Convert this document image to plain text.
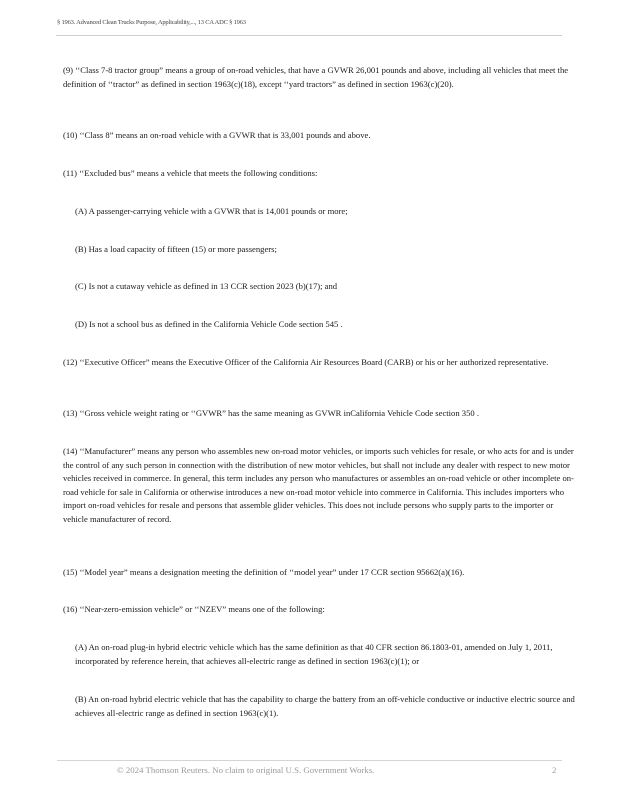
§ 1963. Advanced Clean Trucks Purpose, Applicability,..., 13 CA ADC § 1963

(9) ‘‘Class 7-8 tractor group” means a group of on-road vehicles, that have a GVWR 26,001 pounds and above, including all vehicles that meet the definition of ‘‘tractor” as defined in section 1963(c)(18), except ‘‘yard tractors” as defined in section 1963(c)(20).

(10) ‘‘Class 8” means an on-road vehicle with a GVWR that is 33,001 pounds and above.

(11) ‘‘Excluded bus” means a vehicle that meets the following conditions:

(A) A passenger-carrying vehicle with a GVWR that is 14,001 pounds or more;

(B) Has a load capacity of fifteen (15) or more passengers;

(C) Is not a cutaway vehicle as defined in 13 CCR section 2023 (b)(17); and

(D) Is not a school bus as defined in the California Vehicle Code section 545 .

(12) ‘‘Executive Officer” means the Executive Officer of the California Air Resources Board (CARB) or his or her authorized representative.

(13) ‘‘Gross vehicle weight rating or ‘‘GVWR” has the same meaning as GVWR inCalifornia Vehicle Code section 350 .

(14) ‘‘Manufacturer” means any person who assembles new on-road motor vehicles, or imports such vehicles for resale, or who acts for and is under the control of any such person in connection with the distribution of new motor vehicles, but shall not include any dealer with respect to new motor vehicles received in commerce. In general, this term includes any person who manufactures or assembles an on-road vehicle or other incomplete on-road vehicle for sale in California or otherwise introduces a new on-road motor vehicle into commerce in California. This includes importers who import on-road vehicles for resale and persons that assemble glider vehicles. This does not include persons who supply parts to the importer or vehicle manufacturer of record.

(15) ‘‘Model year” means a designation meeting the definition of ‘‘model year” under 17 CCR section 95662(a)(16).

(16) ‘‘Near-zero-emission vehicle” or ‘‘NZEV” means one of the following:

(A) An on-road plug-in hybrid electric vehicle which has the same definition as that 40 CFR section 86.1803-01, amended on July 1, 2011, incorporated by reference herein, that achieves all-electric range as defined in section 1963(c)(1); or

(B) An on-road hybrid electric vehicle that has the capability to charge the battery from an off-vehicle conductive or inductive electric source and achieves all-electric range as defined in section 1963(c)(1).

© 2024 Thomson Reuters. No claim to original U.S. Government Works.	2
